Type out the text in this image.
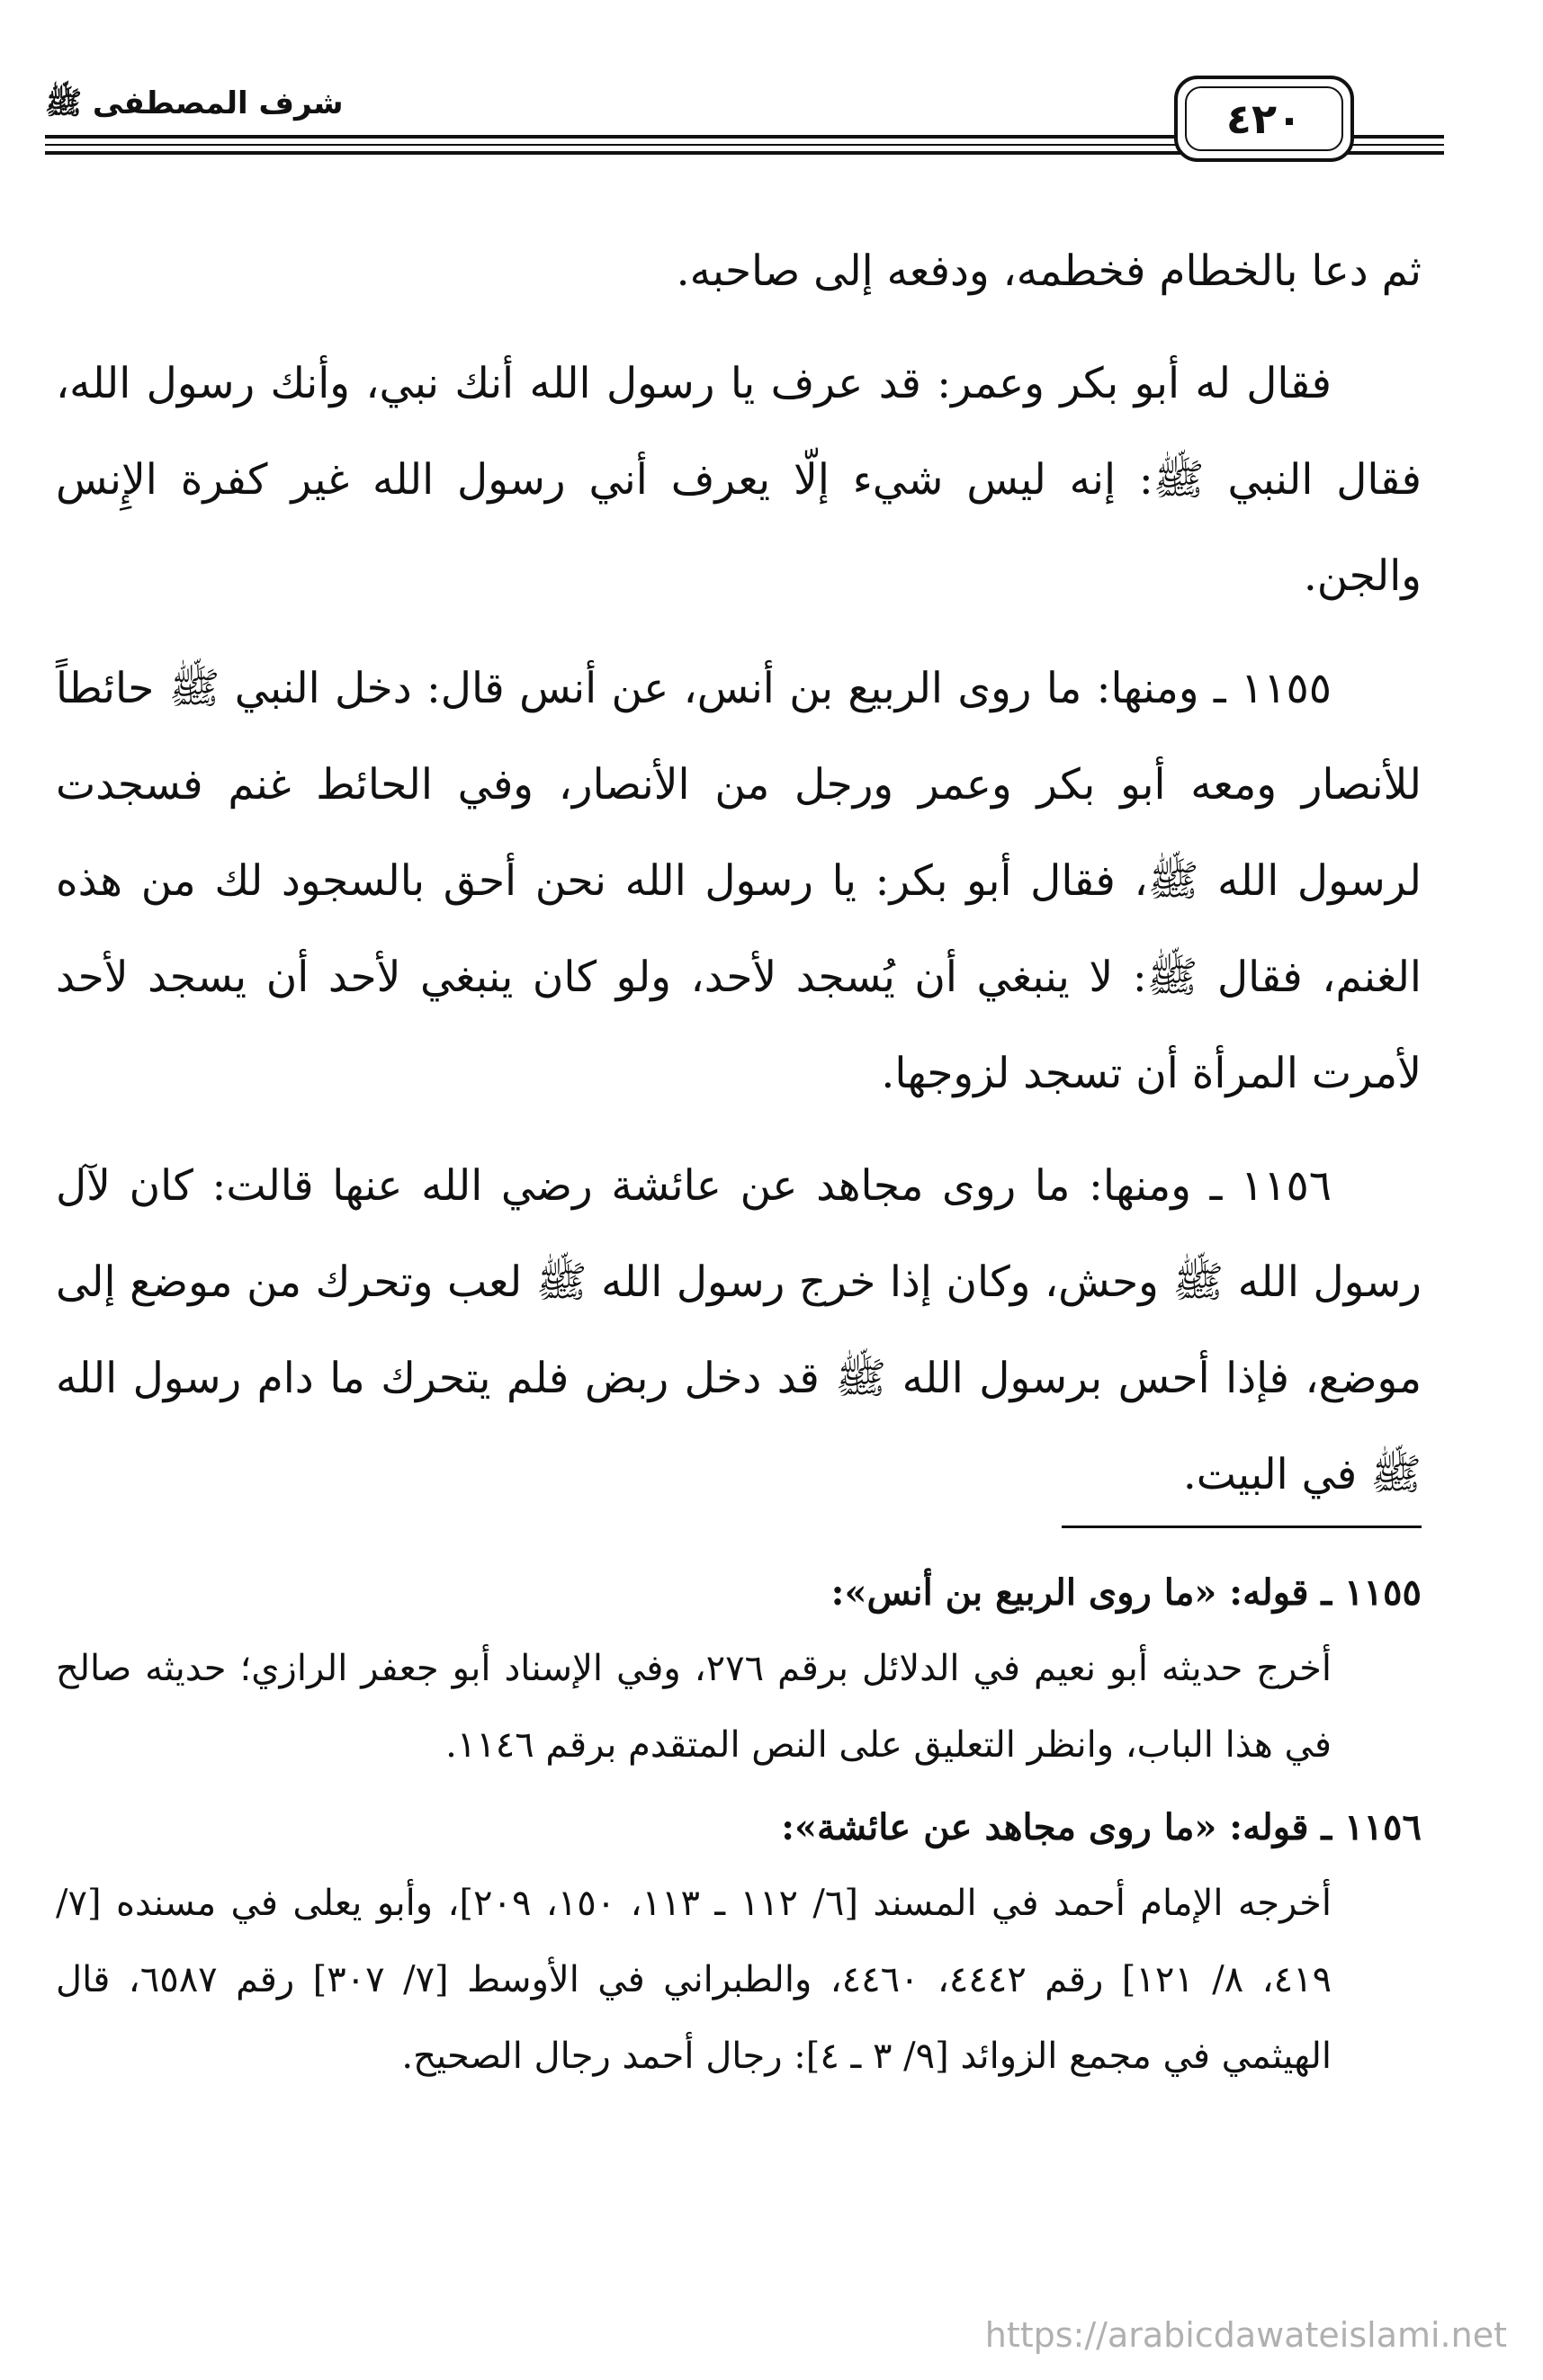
شرف المصطفى ﷺ	٤٢٠

ثم دعا بالخطام فخطمه، ودفعه إلى صاحبه.

فقال له أبو بكر وعمر: قد عرف يا رسول الله أنك نبي، وأنك رسول الله، فقال النبي ﷺ: إنه ليس شيء إلّا يعرف أني رسول الله غير كفرة الإِنس والجن.

١١٥٥ ـ ومنها: ما روى الربيع بن أنس، عن أنس قال: دخل النبي ﷺ حائطاً للأنصار ومعه أبو بكر وعمر ورجل من الأنصار، وفي الحائط غنم فسجدت لرسول الله ﷺ، فقال أبو بكر: يا رسول الله نحن أحق بالسجود لك من هذه الغنم، فقال ﷺ: لا ينبغي أن يُسجد لأحد، ولو كان ينبغي لأحد أن يسجد لأحد لأمرت المرأة أن تسجد لزوجها.

١١٥٦ ـ ومنها: ما روى مجاهد عن عائشة رضي الله عنها قالت: كان لآل رسول الله ﷺ وحش، وكان إذا خرج رسول الله ﷺ لعب وتحرك من موضع إلى موضع، فإذا أحس برسول الله ﷺ قد دخل ربض فلم يتحرك ما دام رسول الله ﷺ في البيت.

١١٥٥ ـ قوله: «ما روى الربيع بن أنس»:

أخرج حديثه أبو نعيم في الدلائل برقم ٢٧٦، وفي الإسناد أبو جعفر الرازي؛ حديثه صالح في هذا الباب، وانظر التعليق على النص المتقدم برقم ١١٤٦.

١١٥٦ ـ قوله: «ما روى مجاهد عن عائشة»:

أخرجه الإمام أحمد في المسند [٦/ ١١٢ ـ ١١٣، ١٥٠، ٢٠٩]، وأبو يعلى في مسنده [٧/ ٤١٩، ٨/ ١٢١] رقم ٤٤٤٢، ٤٤٦٠، والطبراني في الأوسط [٧/ ٣٠٧] رقم ٦٥٨٧، قال الهيثمي في مجمع الزوائد [٩/ ٣ ـ ٤]: رجال أحمد رجال الصحيح.

https://arabicdawateislami.net
